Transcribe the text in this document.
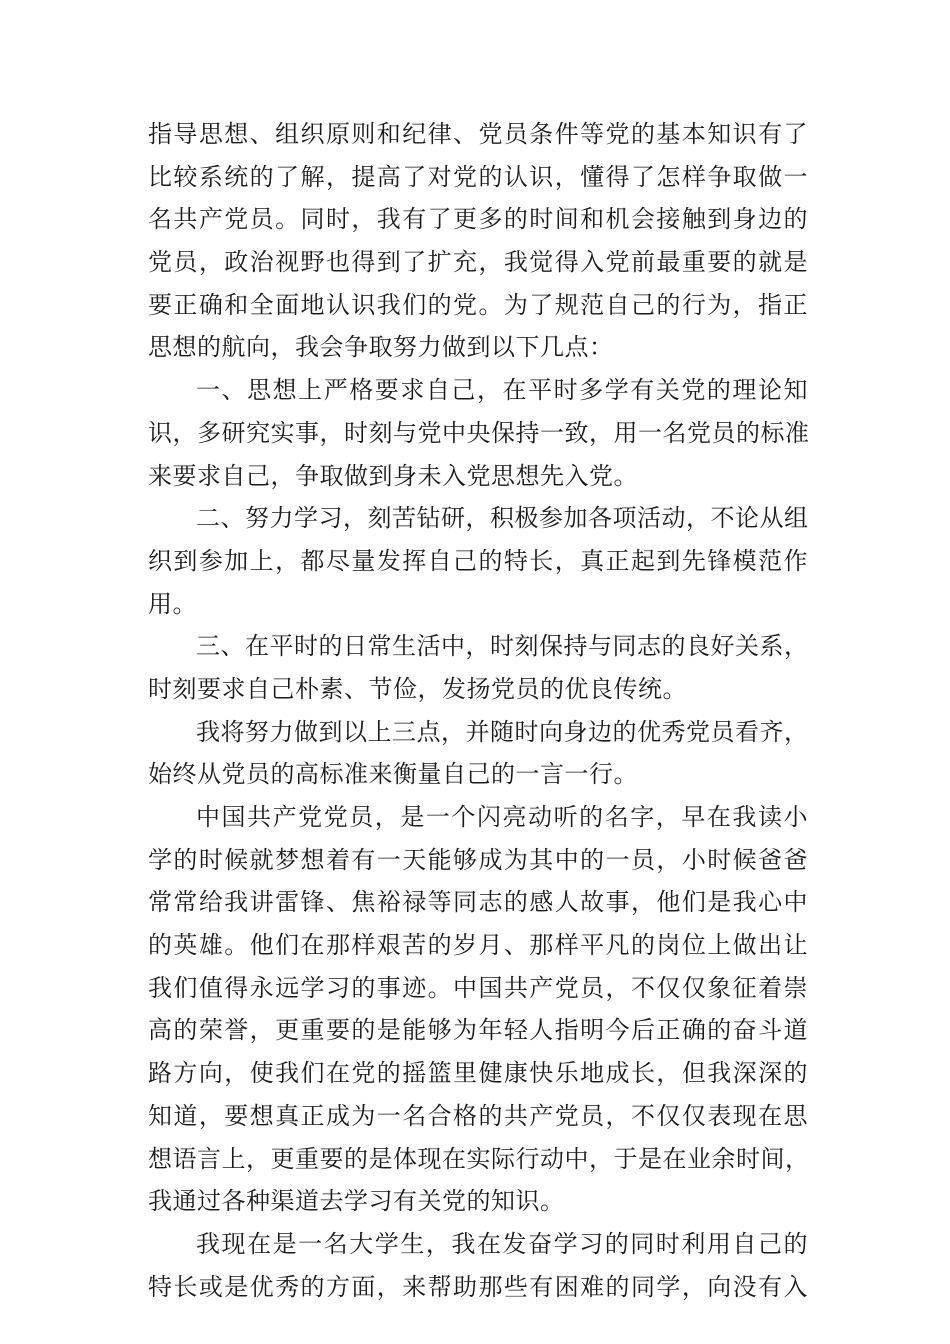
指导思想、组织原则和纪律、党员条件等党的基本知识有了
比较系统的了解，提高了对党的认识，懂得了怎样争取做一
名共产党员。同时，我有了更多的时间和机会接触到身边的
党员，政治视野也得到了扩充，我觉得入党前最重要的就是
要正确和全面地认识我们的党。为了规范自己的行为，指正
思想的航向，我会争取努力做到以下几点：
一、思想上严格要求自己，在平时多学有关党的理论知
识，多研究实事，时刻与党中央保持一致，用一名党员的标准
来要求自己，争取做到身未入党思想先入党。
二、努力学习，刻苦钻研，积极参加各项活动，不论从组
织到参加上，都尽量发挥自己的特长，真正起到先锋模范作
用。
三、在平时的日常生活中，时刻保持与同志的良好关系，
时刻要求自己朴素、节俭，发扬党员的优良传统。
我将努力做到以上三点，并随时向身边的优秀党员看齐，
始终从党员的高标准来衡量自己的一言一行。
中国共产党党员，是一个闪亮动听的名字，早在我读小
学的时候就梦想着有一天能够成为其中的一员，小时候爸爸
常常给我讲雷锋、焦裕禄等同志的感人故事，他们是我心中
的英雄。他们在那样艰苦的岁月、那样平凡的岗位上做出让
我们值得永远学习的事迹。中国共产党员，不仅仅象征着崇
高的荣誉，更重要的是能够为年轻人指明今后正确的奋斗道
路方向，使我们在党的摇篮里健康快乐地成长，但我深深的
知道，要想真正成为一名合格的共产党员，不仅仅表现在思
想语言上，更重要的是体现在实际行动中，于是在业余时间，
我通过各种渠道去学习有关党的知识。
我现在是一名大学生，我在发奋学习的同时利用自己的
特长或是优秀的方面，来帮助那些有困难的同学，向没有入
